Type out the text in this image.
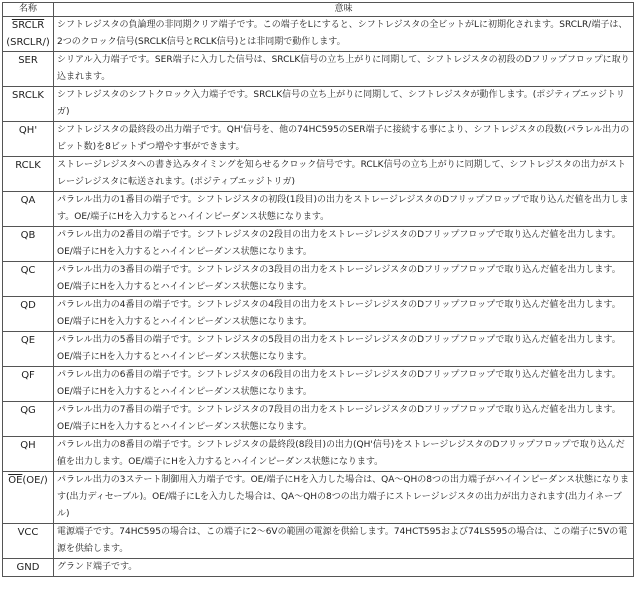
名称	意味
SRCLR
(SRCLR/)	シフトレジスタの負論理の非同期クリア端子です。この端子をLにすると、シフトレジスタの全ビットがLに初期化されます。SRCLR/端子は、2つのクロック信号(SRCLK信号とRCLK信号)とは非同期で動作します。
SER	シリアル入力端子です。SER端子に入力した信号は、SRCLK信号の立ち上がりに同期して、シフトレジスタの初段のDフリップフロップに取り込まれます。
SRCLK	シフトレジスタのシフトクロック入力端子です。SRCLK信号の立ち上がりに同期して、シフトレジスタが動作します。(ポジティブエッジトリガ)
QH'	シフトレジスタの最終段の出力端子です。QH'信号を、他の74HC595のSER端子に接続する事により、シフトレジスタの段数(パラレル出力のビット数)を8ビットずつ増やす事ができます。
RCLK	ストレージレジスタへの書き込みタイミングを知らせるクロック信号です。RCLK信号の立ち上がりに同期して、シフトレジスタの出力がストレージレジスタに転送されます。(ポジティブエッジトリガ)
QA	パラレル出力の1番目の端子です。シフトレジスタの初段(1段目)の出力をストレージレジスタのDフリップフロップで取り込んだ値を出力します。OE/端子にHを入力するとハイインピーダンス状態になります。
QB	パラレル出力の2番目の端子です。シフトレジスタの2段目の出力をストレージレジスタのDフリップフロップで取り込んだ値を出力します。OE/端子にHを入力するとハイインピーダンス状態になります。
QC	パラレル出力の3番目の端子です。シフトレジスタの3段目の出力をストレージレジスタのDフリップフロップで取り込んだ値を出力します。OE/端子にHを入力するとハイインピーダンス状態になります。
QD	パラレル出力の4番目の端子です。シフトレジスタの4段目の出力をストレージレジスタのDフリップフロップで取り込んだ値を出力します。OE/端子にHを入力するとハイインピーダンス状態になります。
QE	パラレル出力の5番目の端子です。シフトレジスタの5段目の出力をストレージレジスタのDフリップフロップで取り込んだ値を出力します。OE/端子にHを入力するとハイインピーダンス状態になります。
QF	パラレル出力の6番目の端子です。シフトレジスタの6段目の出力をストレージレジスタのDフリップフロップで取り込んだ値を出力します。OE/端子にHを入力するとハイインピーダンス状態になります。
QG	パラレル出力の7番目の端子です。シフトレジスタの7段目の出力をストレージレジスタのDフリップフロップで取り込んだ値を出力します。OE/端子にHを入力するとハイインピーダンス状態になります。
QH	パラレル出力の8番目の端子です。シフトレジスタの最終段(8段目)の出力(QH'信号)をストレージレジスタのDフリップフロップで取り込んだ値を出力します。OE/端子にHを入力するとハイインピーダンス状態になります。
$\overline{OE}(OE/)$	パラレル出力の3ステート制御用入力端子です。OE/端子にHを入力した場合は、QA〜QHの8つの出力端子がハイインピーダンス状態になります(出力ディセーブル)。OE/端子にLを入力した場合は、QA〜QHの8つの出力端子にストレージレジスタの出力が出力されます(出力イネーブル)
VCC	電源端子です。74HC595の場合は、この端子に2〜6Vの範囲の電源を供給します。74HCT595および74LS595の場合は、この端子に5Vの電源を供給します。
GND	グランド端子です。
